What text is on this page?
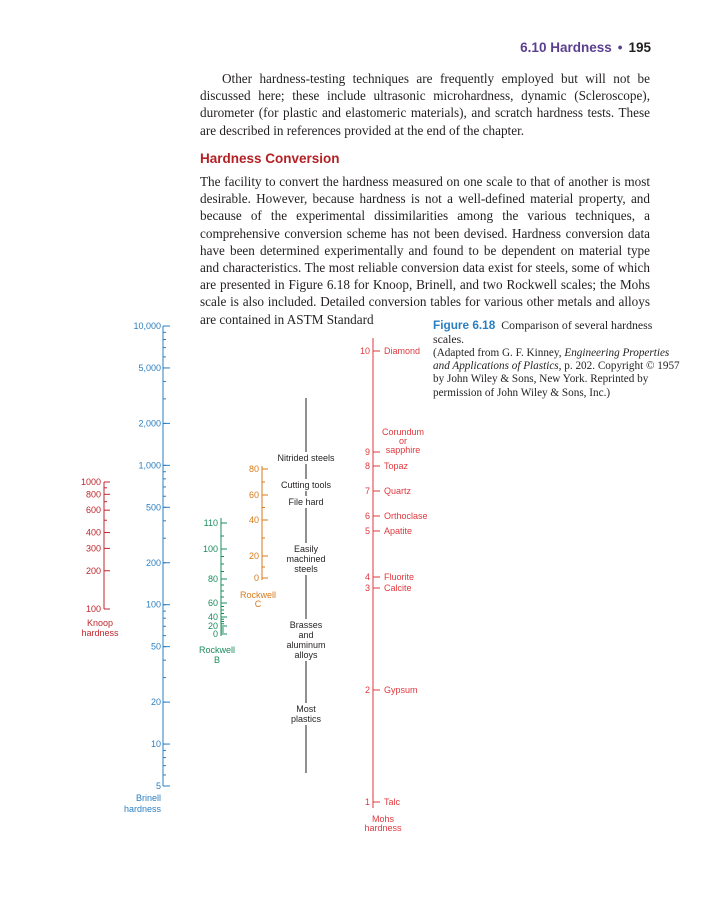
6.10 Hardness • 195

Other hardness-testing techniques are frequently employed but will not be discussed here; these include ultrasonic microhardness, dynamic (Scleroscope), durometer (for plastic and elastomeric materials), and scratch hardness tests. These are described in references provided at the end of the chapter.

Hardness Conversion

The facility to convert the hardness measured on one scale to that of another is most desirable. However, because hardness is not a well-defined material property, and because of the experimental dissimilarities among the various techniques, a comprehensive conversion scheme has not been devised. Hardness conversion data have been determined experimentally and found to be dependent on material type and characteristics. The most reliable conversion data exist for steels, some of which are presented in Figure 6.18 for Knoop, Brinell, and two Rockwell scales; the Mohs scale is also included. Detailed conversion tables for various other metals and alloys are contained in ASTM Standard	Figure 6.18 Comparison of several hardness scales.
(Adapted from G. F. Kinney, Engineering Properties and Applications of Plastics, p. 202. Copyright © 1957 by John Wiley & Sons, New York. Reprinted by permission of John Wiley & Sons, Inc.)

10,000
5,000
2,000
1,000
500
200
100
50
20
10
5
Brinell
hardness
1000
800
600
400
300
200
100
Knoop
hardness
110
100
80
60
40
20
0
Rockwell
B
80
60
40
20
0
Rockwell
C
Nitrided steels
Cutting tools
File hard
Easily
machined
steels
Brasses
and
aluminum
alloys
Most
plastics
10
9
8
7
6
5
4
3
2
1
Diamond
Corundum
or
sapphire
Topaz
Quartz
Orthoclase
Apatite
Fluorite
Calcite
Gypsum
Talc
Mohs
hardness
